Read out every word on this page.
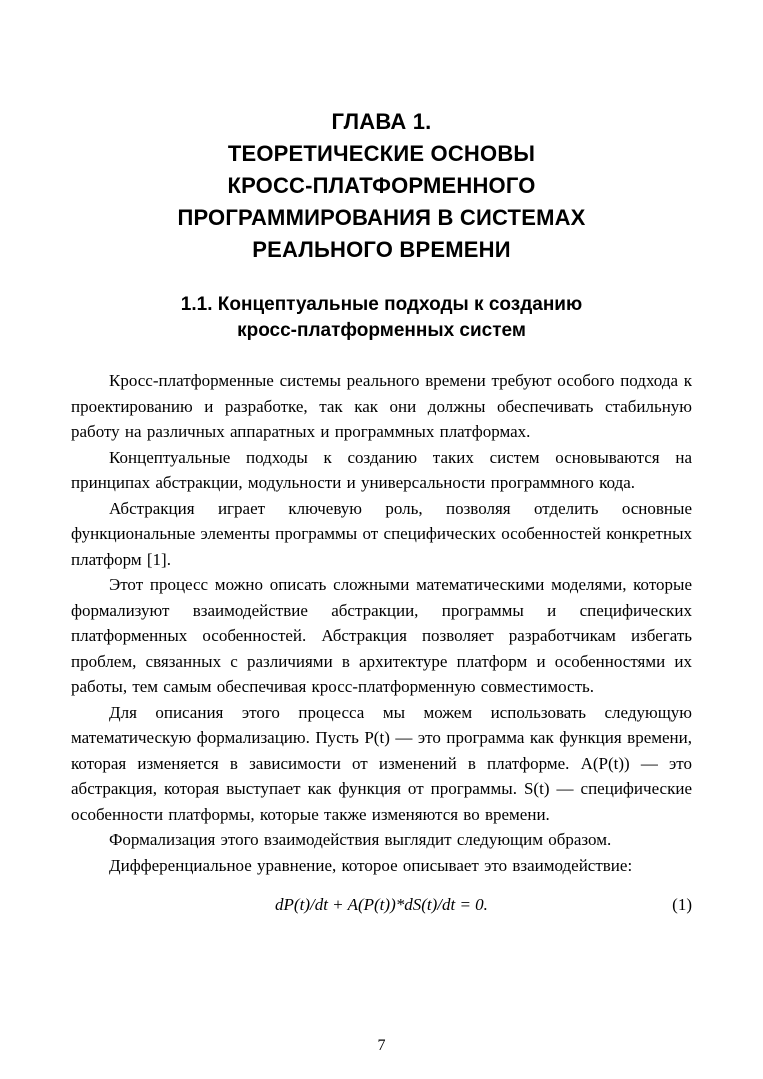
ГЛАВА 1.
ТЕОРЕТИЧЕСКИЕ ОСНОВЫ
КРОСС-ПЛАТФОРМЕННОГО
ПРОГРАММИРОВАНИЯ В СИСТЕМАХ
РЕАЛЬНОГО ВРЕМЕНИ
1.1. Концептуальные подходы к созданию
кросс-платформенных систем

Кросс-платформенные системы реального времени требуют особого подхода к проектированию и разработке, так как они должны обеспечивать стабильную работу на различных аппаратных и программных платформах.

Концептуальные подходы к созданию таких систем основываются на принципах абстракции, модульности и универсальности программного кода.

Абстракция играет ключевую роль, позволяя отделить основные функциональные элементы программы от специфических особенностей конкретных платформ [1].

Этот процесс можно описать сложными математическими моделями, которые формализуют взаимодействие абстракции, программы и специфических платформенных особенностей. Абстракция позволяет разработчикам избегать проблем, связанных с различиями в архитектуре платформ и особенностями их работы, тем самым обеспечивая кросс-платформенную совместимость.

Для описания этого процесса мы можем использовать следующую математическую формализацию. Пусть P(t) — это программа как функция времени, которая изменяется в зависимости от изменений в платформе. A(P(t)) — это абстракция, которая выступает как функция от программы. S(t) — специфические особенности платформы, которые также изменяются во времени.

Формализация этого взаимодействия выглядит следующим образом.

Дифференциальное уравнение, которое описывает это взаимодействие:

dP(t)/dt + A(P(t))*dS(t)/dt = 0.	(1)
7
